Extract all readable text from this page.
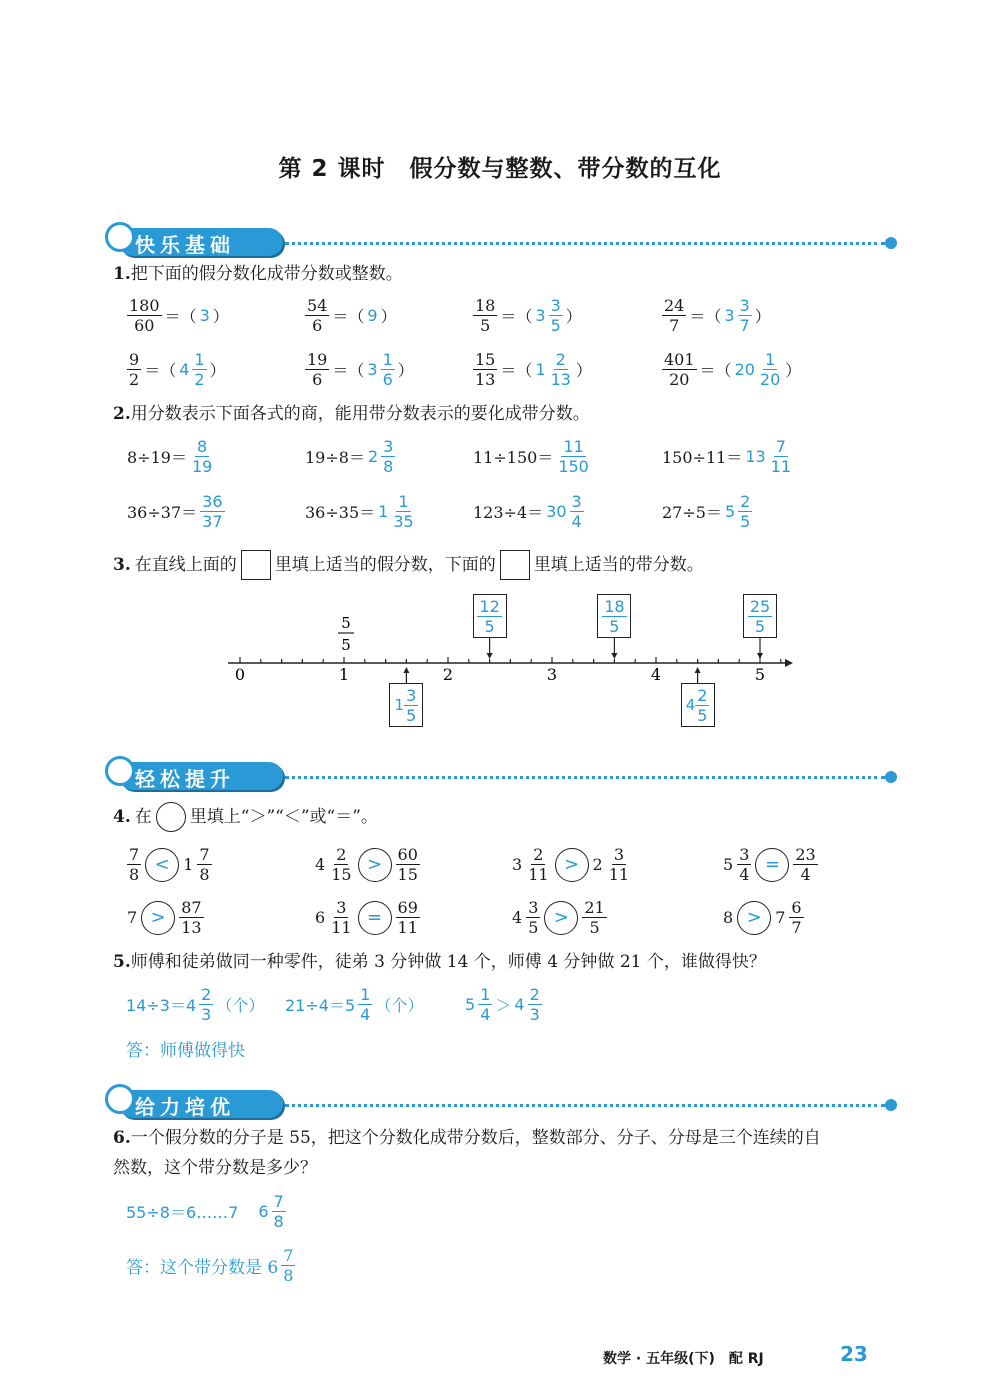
第 2 课时　假分数与整数、带分数的互化
快乐基础
1.把下面的假分数化成带分数或整数。
$\frac{180}{60}$ ＝（ 3 ）	$\frac{54}{6}$ ＝（ 9 ）	$\frac{18}{5}$ ＝（ $3 \frac{3}{5}$ ）	$\frac{24}{7}$ ＝（ $3 \frac{3}{7}$ ）
$\frac{9}{2}$ ＝（ $4 \frac{1}{2}$ ）	$\frac{19}{6}$ ＝（ $3 \frac{1}{6}$ ）	$\frac{15}{13}$ ＝（ $1 \frac{2}{13}$ ）	$\frac{401}{20}$ ＝（ $20 \frac{1}{20}$ ）
2.用分数表示下面各式的商，能用带分数表示的要化成带分数。
$8\div 19= \frac{8}{19}$	$19\div 8= 2 \frac{3}{8}$	$11\div 150= \frac{11}{150}$	$150\div 11= 13 \frac{7}{11}$
$36\div 37= \frac{36}{37}$	$36\div 35= 1 \frac{1}{35}$	$123\div 4= 30 \frac{3}{4}$	$27\div 5= 5 \frac{2}{5}$
3. 在直线上面的 里填上适当的假分数，下面的 里填上适当的带分数。
0	1	2	3	4	5
5
5
$\frac{12}{5}$	$\frac{18}{5}$	$\frac{25}{5}$
$1 \frac{3}{5}$	$4 \frac{2}{5}$
轻松提升
4. 在 里填上“＞”“＜”或“＝”。
$\frac{7}{8} < 1 \frac{7}{8}$	$4 \frac{2}{15} > \frac{60}{15}$	$3 \frac{2}{11} > 2 \frac{3}{11}$	$5 \frac{3}{4} = \frac{23}{4}$
$7 > \frac{87}{13}$	$6 \frac{3}{11} = \frac{69}{11}$	$4 \frac{3}{5} > \frac{21}{5}$	$8 > 7 \frac{6}{7}$
5.师傅和徒弟做同一种零件，徒弟 3 分钟做 14 个，师傅 4 分钟做 21 个，谁做得快？
$14\div 3=4 \frac{2}{3}$ （个） $21\div 4=5 \frac{1}{4}$ （个）	$5 \frac{1}{4} > 4 \frac{2}{3}$
答：师傅做得快
给力培优
6.一个假分数的分子是 55，把这个分数化成带分数后，整数部分、分子、分母是三个连续的自
然数，这个带分数是多少？
55÷8＝6……7 $6 \frac{7}{8}$
答：这个带分数是 $6 \frac{7}{8}$
数学 · 五年级(下)　配 RJ	23
